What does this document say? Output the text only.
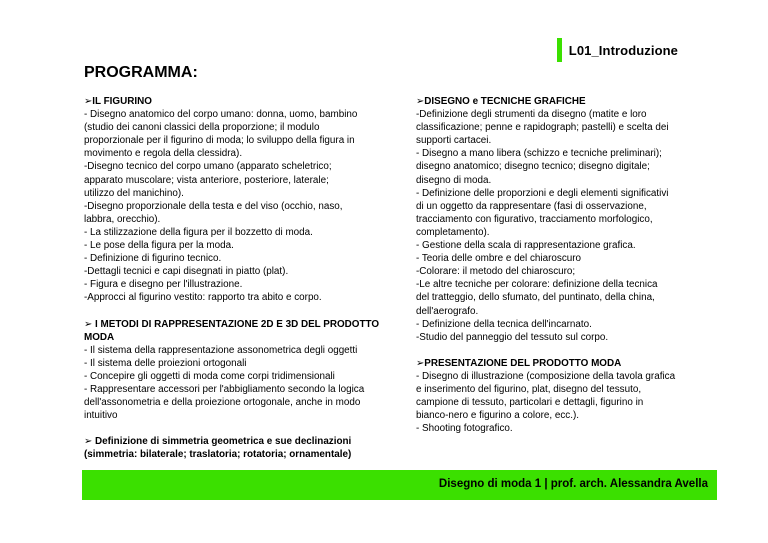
L01_Introduzione
PROGRAMMA:
➢IL FIGURINO
- Disegno anatomico del corpo umano: donna, uomo, bambino
(studio dei canoni classici della proporzione; il modulo
proporzionale per il figurino di moda; lo sviluppo della figura in
movimento e regola della clessidra).
-Disegno tecnico del corpo umano (apparato scheletrico;
apparato muscolare; vista anteriore, posteriore, laterale;
utilizzo del manichino).
-Disegno proporzionale della testa e del viso (occhio, naso,
labbra, orecchio).
- La stilizzazione della figura per il bozzetto di moda.
- Le pose della figura per la moda.
- Definizione di figurino tecnico.
-Dettagli tecnici e capi disegnati in piatto (plat).
- Figura e disegno per l'illustrazione.
-Approcci al figurino vestito: rapporto tra abito e corpo.
➢ I METODI DI RAPPRESENTAZIONE 2D E 3D DEL PRODOTTO
MODA
- Il sistema della rappresentazione assonometrica degli oggetti
- Il sistema delle proiezioni ortogonali
- Concepire gli oggetti di moda come corpi tridimensionali
- Rappresentare accessori per l'abbigliamento secondo la logica
dell'assonometria e della proiezione ortogonale, anche in modo
intuitivo
➢ Definizione di simmetria geometrica e sue declinazioni
(simmetria: bilaterale; traslatoria; rotatoria; ornamentale)
➢DISEGNO e TECNICHE GRAFICHE
-Definizione degli strumenti da disegno (matite e loro
classificazione; penne e rapidograph; pastelli) e scelta dei
supporti cartacei.
- Disegno a mano libera (schizzo e tecniche preliminari);
disegno anatomico; disegno tecnico; disegno digitale;
disegno di moda.
- Definizione delle proporzioni e degli elementi significativi
di un oggetto da rappresentare (fasi di osservazione,
tracciamento con figurativo, tracciamento morfologico,
completamento).
- Gestione della scala di rappresentazione grafica.
- Teoria delle ombre e del chiaroscuro
-Colorare: il metodo del chiaroscuro;
-Le altre tecniche per colorare: definizione della tecnica
del tratteggio, dello sfumato, del puntinato, della china,
dell'aerografo.
- Definizione della tecnica dell'incarnato.
-Studio del panneggio del tessuto sul corpo.
➢PRESENTAZIONE DEL PRODOTTO MODA
- Disegno di illustrazione (composizione della tavola grafica
e inserimento del figurino, plat, disegno del tessuto,
campione di tessuto, particolari e dettagli, figurino in
bianco-nero e figurino a colore, ecc.).
- Shooting fotografico.
Disegno di moda 1 | prof. arch. Alessandra Avella
